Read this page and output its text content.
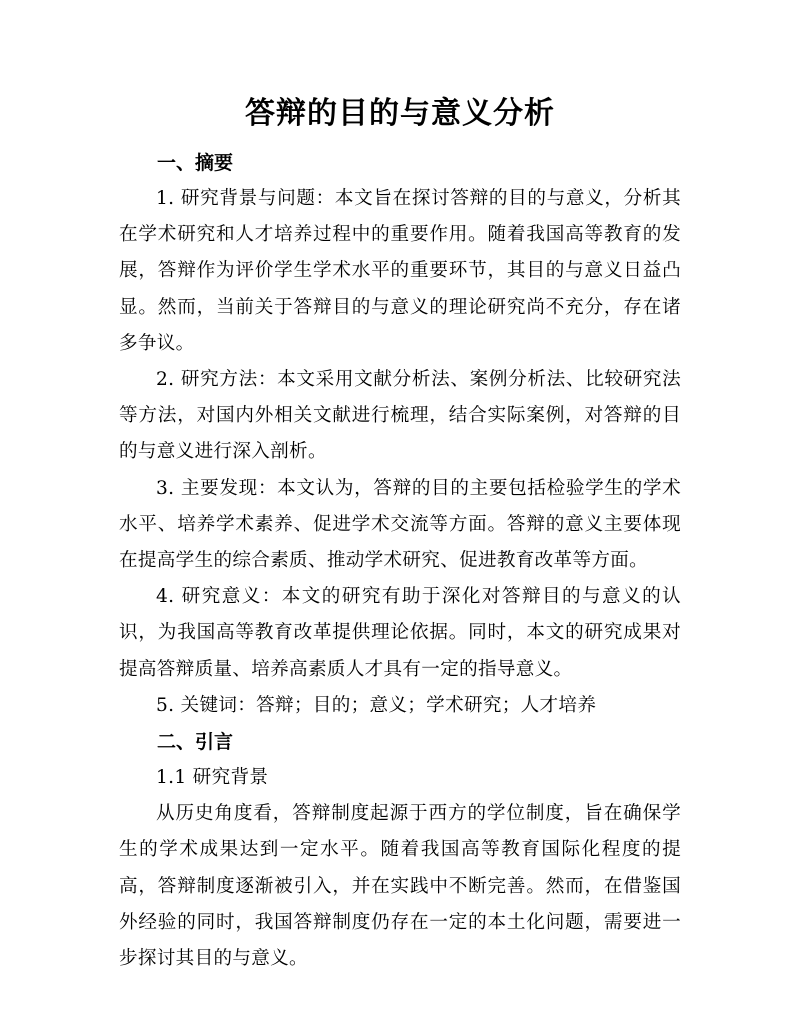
答辩的目的与意义分析

一、摘要

1. 研究背景与问题：本文旨在探讨答辩的目的与意义，分析其在学术研究和人才培养过程中的重要作用。随着我国高等教育的发展，答辩作为评价学生学术水平的重要环节，其目的与意义日益凸显。然而，当前关于答辩目的与意义的理论研究尚不充分，存在诸多争议。

2. 研究方法：本文采用文献分析法、案例分析法、比较研究法等方法，对国内外相关文献进行梳理，结合实际案例，对答辩的目的与意义进行深入剖析。

3. 主要发现：本文认为，答辩的目的主要包括检验学生的学术水平、培养学术素养、促进学术交流等方面。答辩的意义主要体现在提高学生的综合素质、推动学术研究、促进教育改革等方面。

4. 研究意义：本文的研究有助于深化对答辩目的与意义的认识，为我国高等教育改革提供理论依据。同时，本文的研究成果对提高答辩质量、培养高素质人才具有一定的指导意义。

5. 关键词：答辩；目的；意义；学术研究；人才培养

二、引言

1.1 研究背景

从历史角度看，答辩制度起源于西方的学位制度，旨在确保学生的学术成果达到一定水平。随着我国高等教育国际化程度的提高，答辩制度逐渐被引入，并在实践中不断完善。然而，在借鉴国外经验的同时，我国答辩制度仍存在一定的本土化问题，需要进一步探讨其目的与意义。
